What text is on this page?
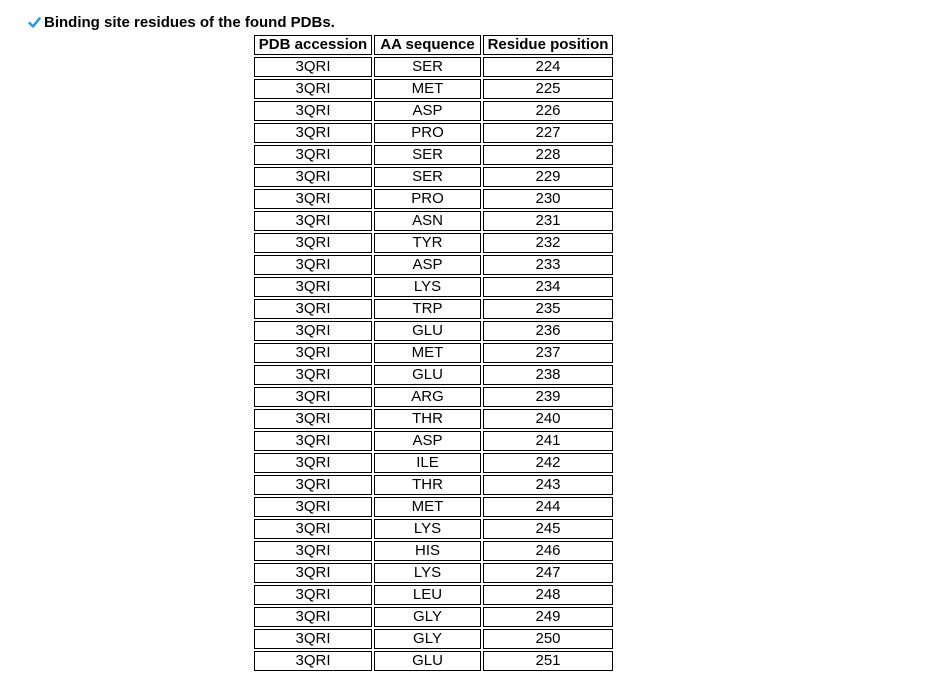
Binding site residues of the found PDBs.
PDB accession	AA sequence	Residue position
3QRI	SER	224
3QRI	MET	225
3QRI	ASP	226
3QRI	PRO	227
3QRI	SER	228
3QRI	SER	229
3QRI	PRO	230
3QRI	ASN	231
3QRI	TYR	232
3QRI	ASP	233
3QRI	LYS	234
3QRI	TRP	235
3QRI	GLU	236
3QRI	MET	237
3QRI	GLU	238
3QRI	ARG	239
3QRI	THR	240
3QRI	ASP	241
3QRI	ILE	242
3QRI	THR	243
3QRI	MET	244
3QRI	LYS	245
3QRI	HIS	246
3QRI	LYS	247
3QRI	LEU	248
3QRI	GLY	249
3QRI	GLY	250
3QRI	GLU	251
